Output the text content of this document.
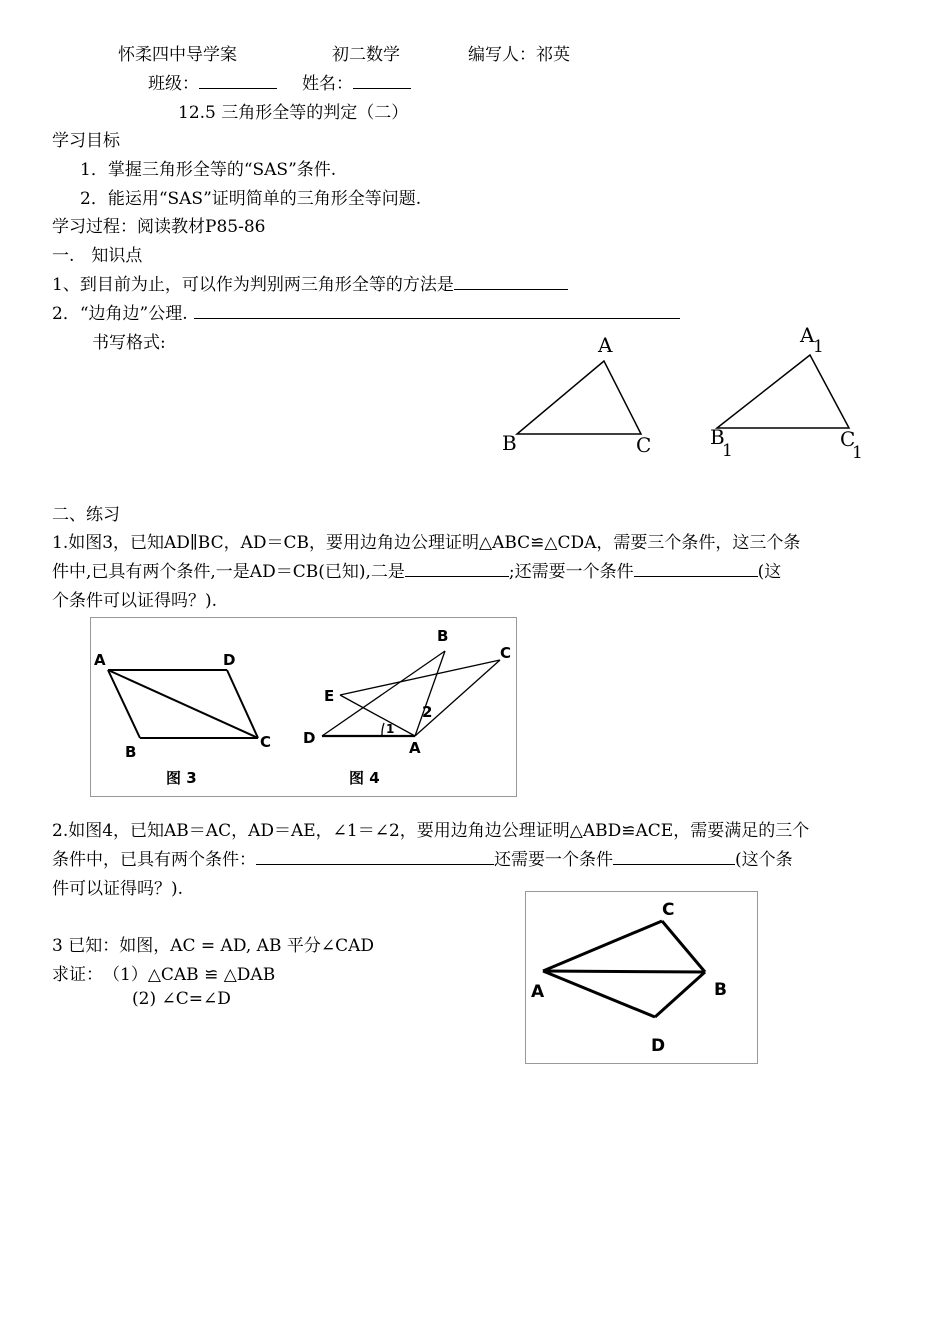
怀柔四中导学案	初二数学	编写人：祁英
班级：	姓名：
12.5 三角形全等的判定（二）
学习目标
1．掌握三角形全等的“SAS”条件.
2．能运用“SAS”证明简单的三角形全等问题.
学习过程：阅读教材P85-86
一.　知识点
1、到目前为止，可以作为判别两三角形全等的方法是
2．“边角边”公理.
书写格式:	A
B	C
A
1
B
1	C
1
二、练习
1.如图3，已知AD∥BC，AD＝CB，要用边角边公理证明△ABC≌△CDA，需要三个条件，这三个条
件中,已具有两个条件,一是AD＝CB(已知),二是	;还需要一个条件	(这
个条件可以证得吗？).
A	D
B
C
图 3
B
C
E
D
A
2
1
图 4
2.如图4，已知AB＝AC，AD＝AE，∠1＝∠2，要用边角边公理证明△ABD≌ACE，需要满足的三个
条件中，已具有两个条件：	还需要一个条件	(这个条
件可以证得吗？).
3 已知：如图，AC = AD, AB 平分∠CAD
求证：　（1）△CAB ≌ △DAB
(2) ∠C=∠D
C
A	B
D
